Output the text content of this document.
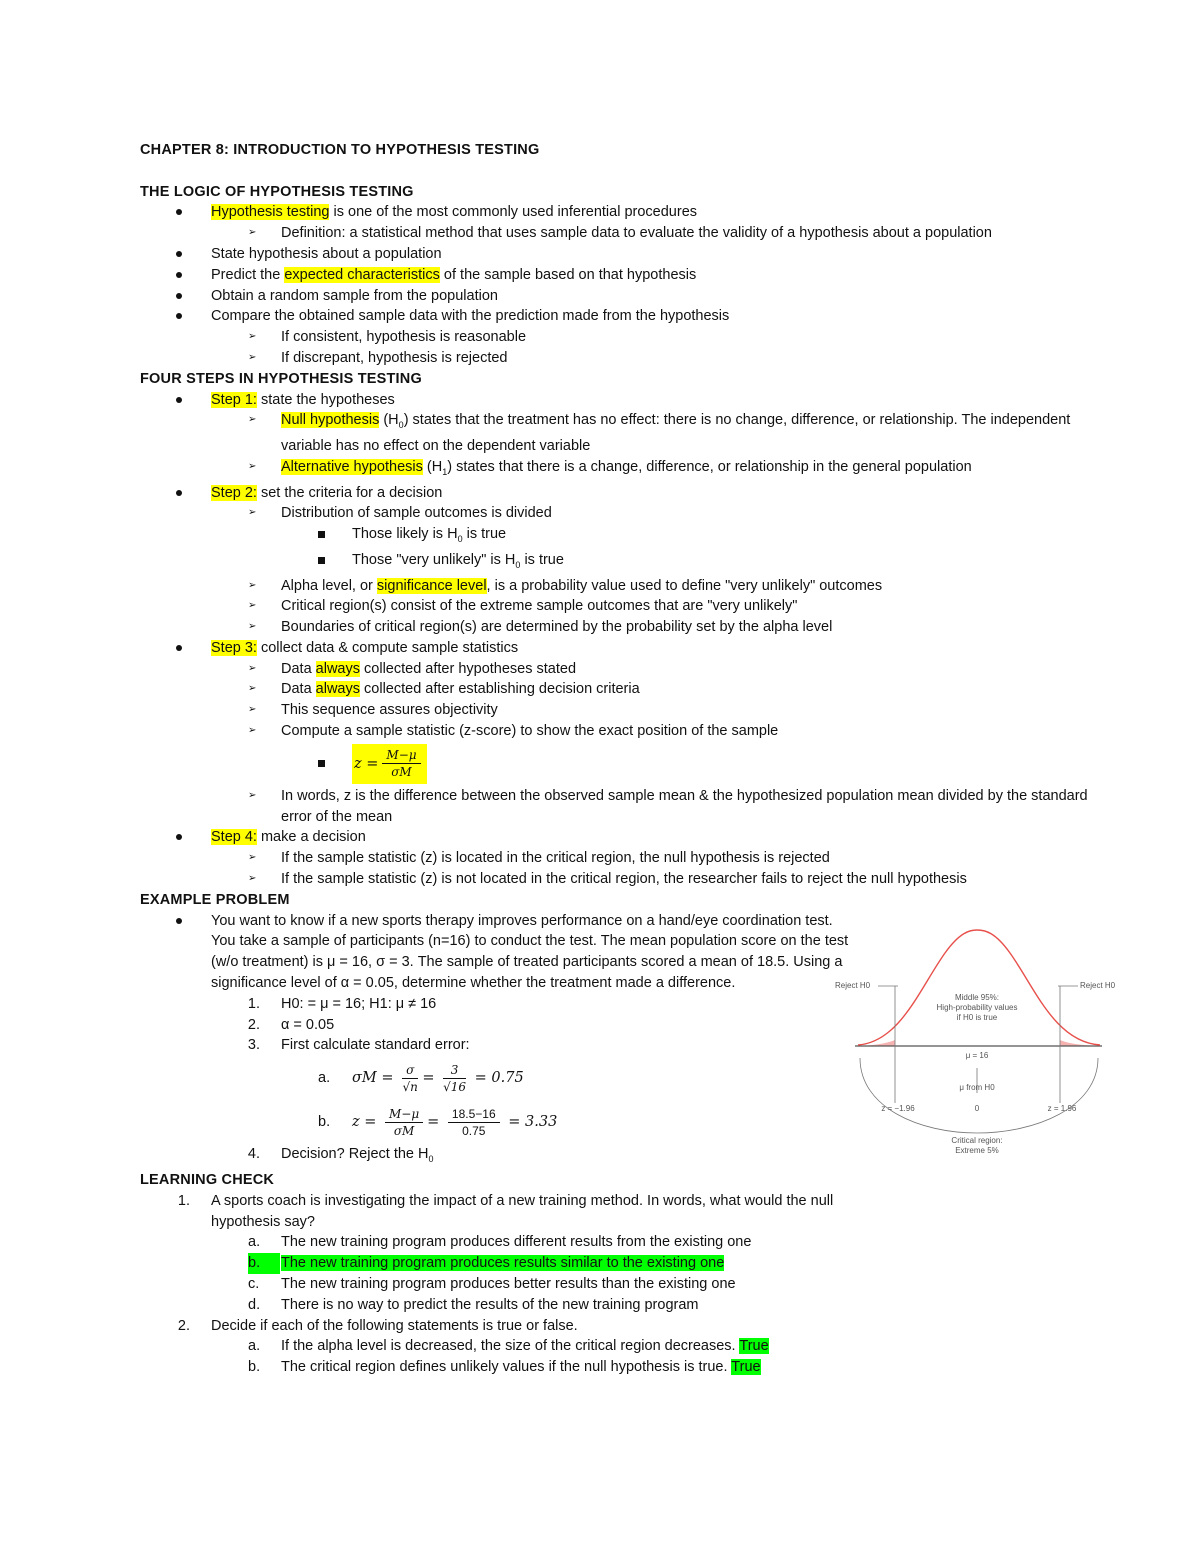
CHAPTER 8: INTRODUCTION TO HYPOTHESIS TESTING
THE LOGIC OF HYPOTHESIS TESTING
Hypothesis testing is one of the most commonly used inferential procedures
➢ Definition: a statistical method that uses sample data to evaluate the validity of a hypothesis about a population
State hypothesis about a population
Predict the expected characteristics of the sample based on that hypothesis
Obtain a random sample from the population
Compare the obtained sample data with the prediction made from the hypothesis
➢ If consistent, hypothesis is reasonable
➢ If discrepant, hypothesis is rejected
FOUR STEPS IN HYPOTHESIS TESTING
Step 1: state the hypotheses
➢ Null hypothesis $(H_0)$ states that the treatment has no effect: there is no change, difference, or relationship. The independent variable has no effect on the dependent variable
➢ Alternative hypothesis $(H_1)$ states that there is a change, difference, or relationship in the general population
Step 2: set the criteria for a decision
➢ Distribution of sample outcomes is divided
Those likely is $H_0$ is true
Those "very unlikely" is $H_0$ is true
➢ Alpha level, or significance level, is a probability value used to define "very unlikely" outcomes
➢ Critical region(s) consist of the extreme sample outcomes that are "very unlikely"
➢ Boundaries of critical region(s) are determined by the probability set by the alpha level
Step 3: collect data & compute sample statistics
➢ Data always collected after hypotheses stated
➢ Data always collected after establishing decision criteria
➢ This sequence assures objectivity
➢ Compute a sample statistic (z-score) to show the exact position of the sample
$z = \frac{M-\mu}{\sigma M}$
➢ In words, z is the difference between the observed sample mean & the hypothesized population mean divided by the standard error of the mean
Step 4: make a decision
➢ If the sample statistic (z) is located in the critical region, the null hypothesis is rejected
➢ If the sample statistic (z) is not located in the critical region, the researcher fails to reject the null hypothesis
EXAMPLE PROBLEM
You want to know if a new sports therapy improves performance on a hand/eye coordination test. You take a sample of participants (n=16) to conduct the test. The mean population score on the test (w/o treatment) is μ = 16, σ = 3. The sample of treated participants scored a mean of 18.5. Using a significance level of α = 0.05, determine whether the treatment made a difference.
1. H0: = μ = 16; H1: μ ≠ 16
2. α = 0.05
3. First calculate standard error:
a. $\sigma M = \frac{\sigma}{√n} = \frac{3}{√16} = 0.75$
b. $z = \frac{M-\mu}{\sigma M} = \frac{18.5-16}{0.75} = 3.33$
4. Decision? Reject the $H_0$
LEARNING CHECK
1. A sports coach is investigating the impact of a new training method. In words, what would the null hypothesis say?
a. The new training program produces different results from the existing one
b.	The new training program produces results similar to the existing one
c. The new training program produces better results than the existing one
d. There is no way to predict the results of the new training program
2. Decide if each of the following statements is true or false.
a. If the alpha level is decreased, the size of the critical region decreases. True
b. The critical region defines unlikely values if the null hypothesis is true. True
Reject H0	Reject H0
Middle 95%:
High-probability values
if H0 is true
μ = 16
μ from H0
z = −1.96	0	z = 1.96
Critical region:
Extreme 5%
